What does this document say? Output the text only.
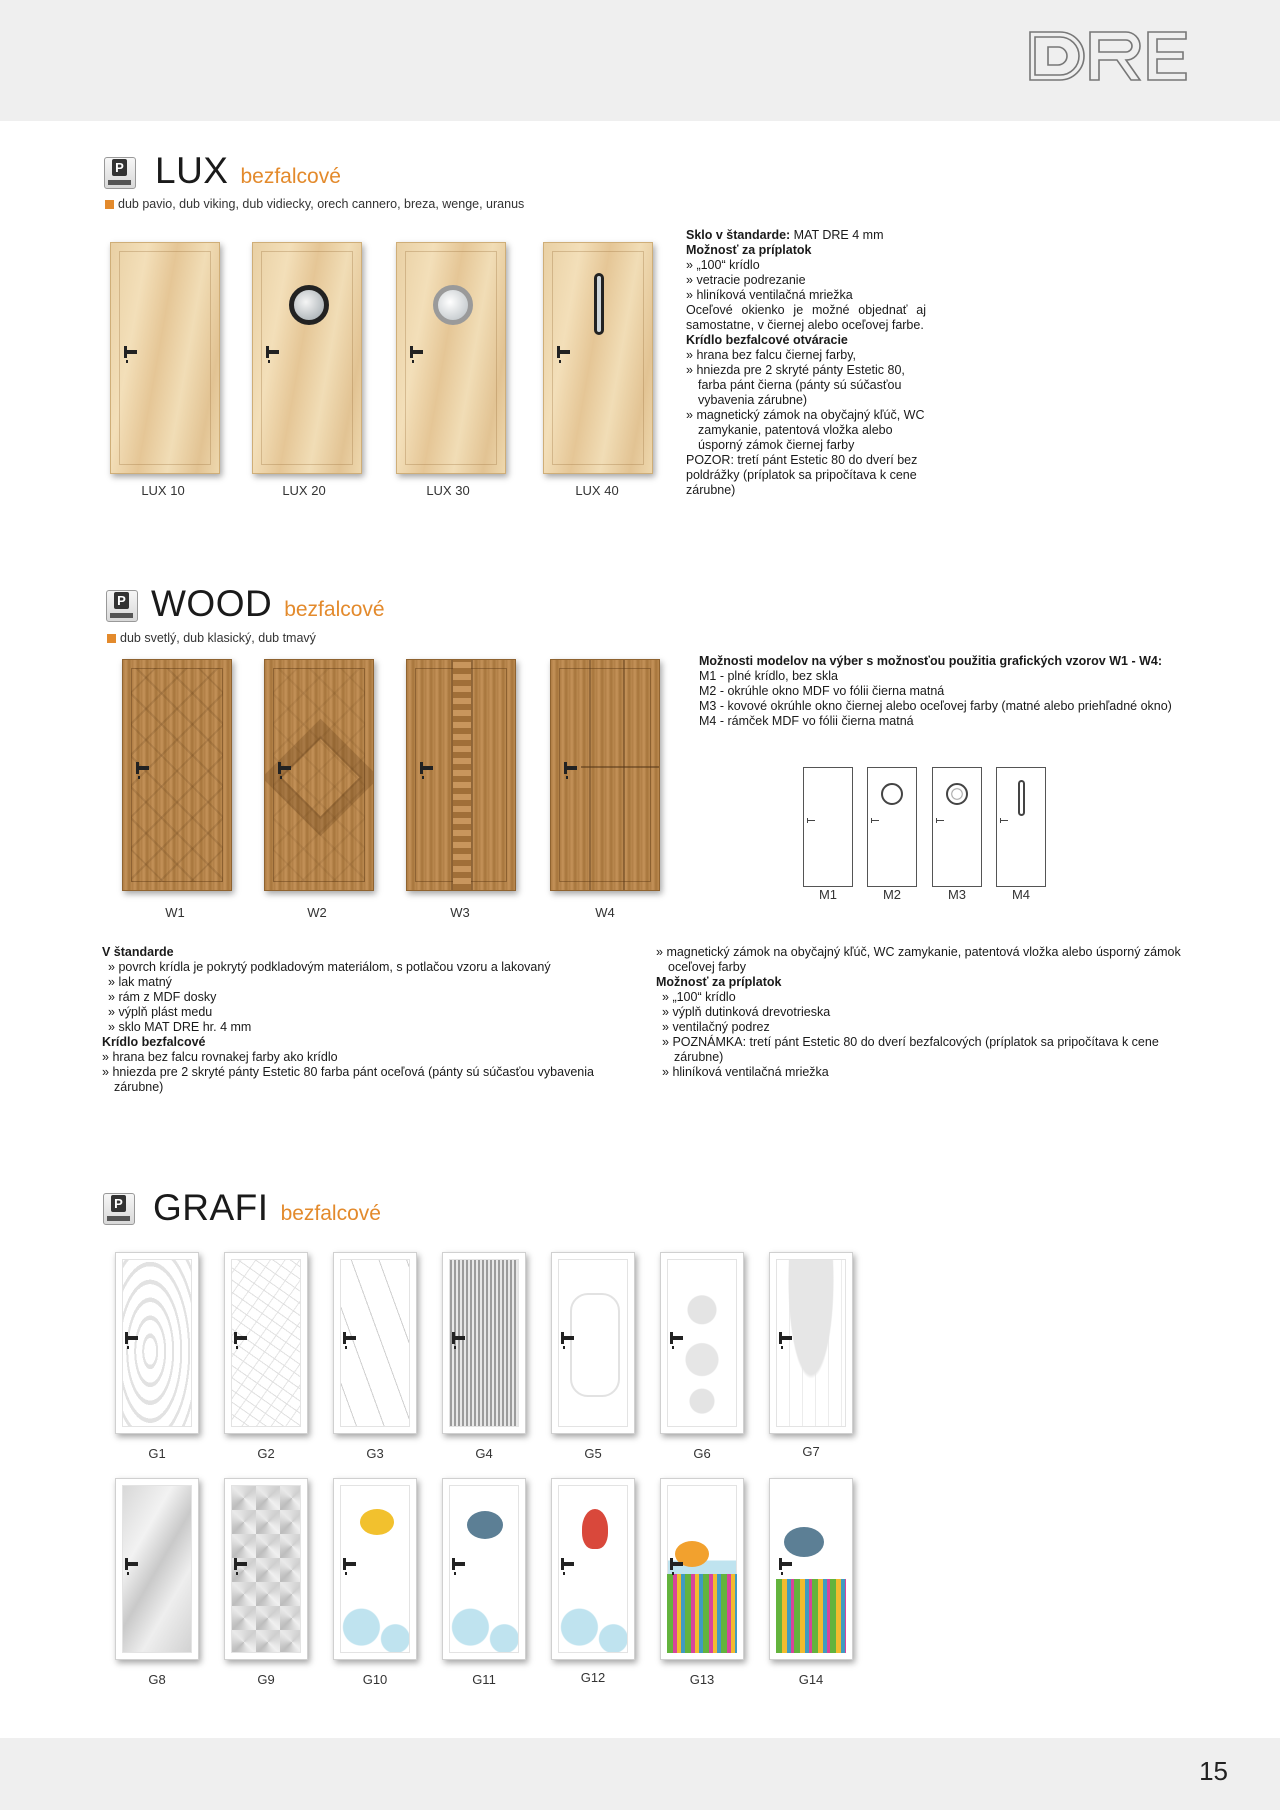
15
P LUX bezfalcové
dub pavio, dub viking, dub vidiecky, orech cannero, breza, wenge, uranus
LUX 10	LUX 20	LUX 30	LUX 40
Sklo v štandarde: MAT DRE 4 mm
Možnosť za príplatok
» „100“ krídlo
» vetracie podrezanie
» hliníková ventilačná mriežka
Oceľové okienko je možné objednať aj samostatne, v čiernej alebo oceľovej farbe.
Krídlo bezfalcové otváracie
» hrana bez falcu čiernej farby,
» hniezda pre 2 skryté pánty Estetic 80, farba pánt čierna (pánty sú súčasťou vybavenia zárubne)
» magnetický zámok na obyčajný kľúč, WC zamykanie, patentová vložka alebo úsporný zámok čiernej farby
POZOR: tretí pánt Estetic 80 do dverí bez poldrážky (príplatok sa pripočítava k cene zárubne)
P WOOD bezfalcové
dub svetlý, dub klasický, dub tmavý
W1	W2	W3	W4
Možnosti modelov na výber s možnosťou použitia grafických vzorov W1 - W4:
M1 - plné krídlo, bez skla
M2 - okrúhle okno MDF vo fólii čierna matná
M3 - kovové okrúhle okno čiernej alebo oceľovej farby (matné alebo priehľadné okno)
M4 - rámček MDF vo fólii čierna matná
M1	M2	M3	M4
V štandarde
» povrch krídla je pokrytý podkladovým materiálom, s potlačou vzoru a lakovaný
» lak matný
» rám z MDF dosky
» výplň plást medu
» sklo MAT DRE hr. 4 mm
Krídlo bezfalcové
» hrana bez falcu rovnakej farby ako krídlo
» hniezda pre 2 skryté pánty Estetic 80 farba pánt oceľová (pánty sú súčasťou vybavenia zárubne)
» magnetický zámok na obyčajný kľúč, WC zamykanie, patentová vložka alebo úsporný zámok oceľovej farby
Možnosť za príplatok
» „100“ krídlo
» výplň dutinková drevotrieska
» ventilačný podrez
» POZNÁMKA: tretí pánt Estetic 80 do dverí bezfalcových (príplatok sa pripočítava k cene zárubne)
» hliníková ventilačná mriežka
P GRAFI bezfalcové
G1	G2	G3	G4	G5	G6	G7
G8	G9	G10	G11	G12	G13	G14
